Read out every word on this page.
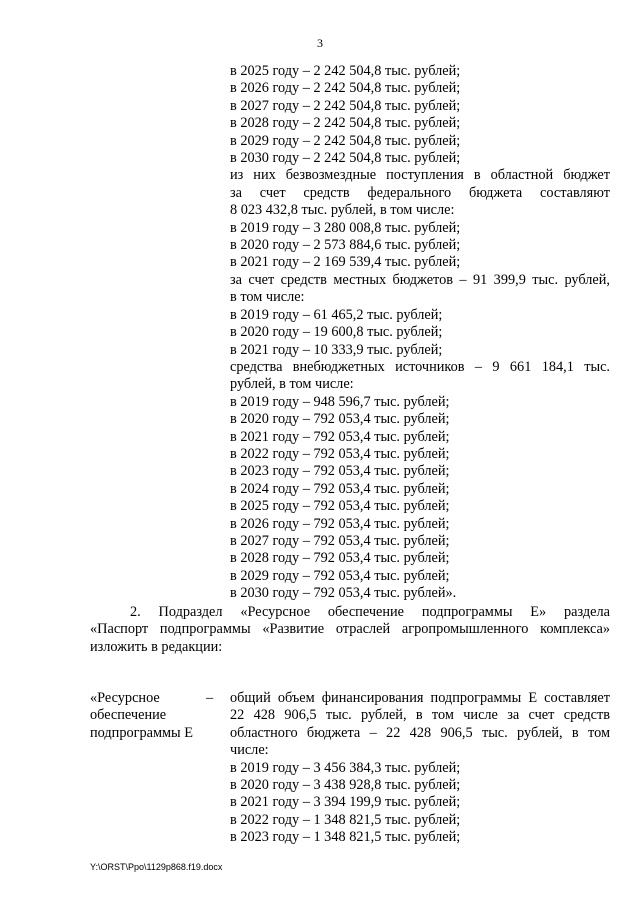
3
в 2025 году – 2 242 504,8 тыс. рублей;
в 2026 году – 2 242 504,8 тыс. рублей;
в 2027 году – 2 242 504,8 тыс. рублей;
в 2028 году – 2 242 504,8 тыс. рублей;
в 2029 году – 2 242 504,8 тыс. рублей;
в 2030 году – 2 242 504,8 тыс. рублей;
из них безвозмездные поступления в областной бюджет
за счет средств федерального бюджета составляют
8 023 432,8 тыс. рублей, в том числе:
в 2019 году – 3 280 008,8 тыс. рублей;
в 2020 году – 2 573 884,6 тыс. рублей;
в 2021 году – 2 169 539,4 тыс. рублей;
за счет средств местных бюджетов – 91 399,9 тыс. рублей,
в том числе:
в 2019 году – 61 465,2 тыс. рублей;
в 2020 году – 19 600,8 тыс. рублей;
в 2021 году – 10 333,9 тыс. рублей;
средства внебюджетных источников – 9 661 184,1 тыс.
рублей, в том числе:
в 2019 году – 948 596,7 тыс. рублей;
в 2020 году – 792 053,4 тыс. рублей;
в 2021 году – 792 053,4 тыс. рублей;
в 2022 году – 792 053,4 тыс. рублей;
в 2023 году – 792 053,4 тыс. рублей;
в 2024 году – 792 053,4 тыс. рублей;
в 2025 году – 792 053,4 тыс. рублей;
в 2026 году – 792 053,4 тыс. рублей;
в 2027 году – 792 053,4 тыс. рублей;
в 2028 году – 792 053,4 тыс. рублей;
в 2029 году – 792 053,4 тыс. рублей;
в 2030 году – 792 053,4 тыс. рублей».
2. Подраздел «Ресурсное обеспечение подпрограммы Е» раздела
«Паспорт подпрограммы «Развитие отраслей агропромышленного комплекса»
изложить в редакции:
«Ресурсное
обеспечение
подпрограммы Е
– общий объем финансирования подпрограммы Е составляет
22 428 906,5 тыс. рублей, в том числе за счет средств
областного бюджета – 22 428 906,5 тыс. рублей, в том
числе:
в 2019 году – 3 456 384,3 тыс. рублей;
в 2020 году – 3 438 928,8 тыс. рублей;
в 2021 году – 3 394 199,9 тыс. рублей;
в 2022 году – 1 348 821,5 тыс. рублей;
в 2023 году – 1 348 821,5 тыс. рублей;
Y:\ORST\Ppo\1129p868.f19.docx
